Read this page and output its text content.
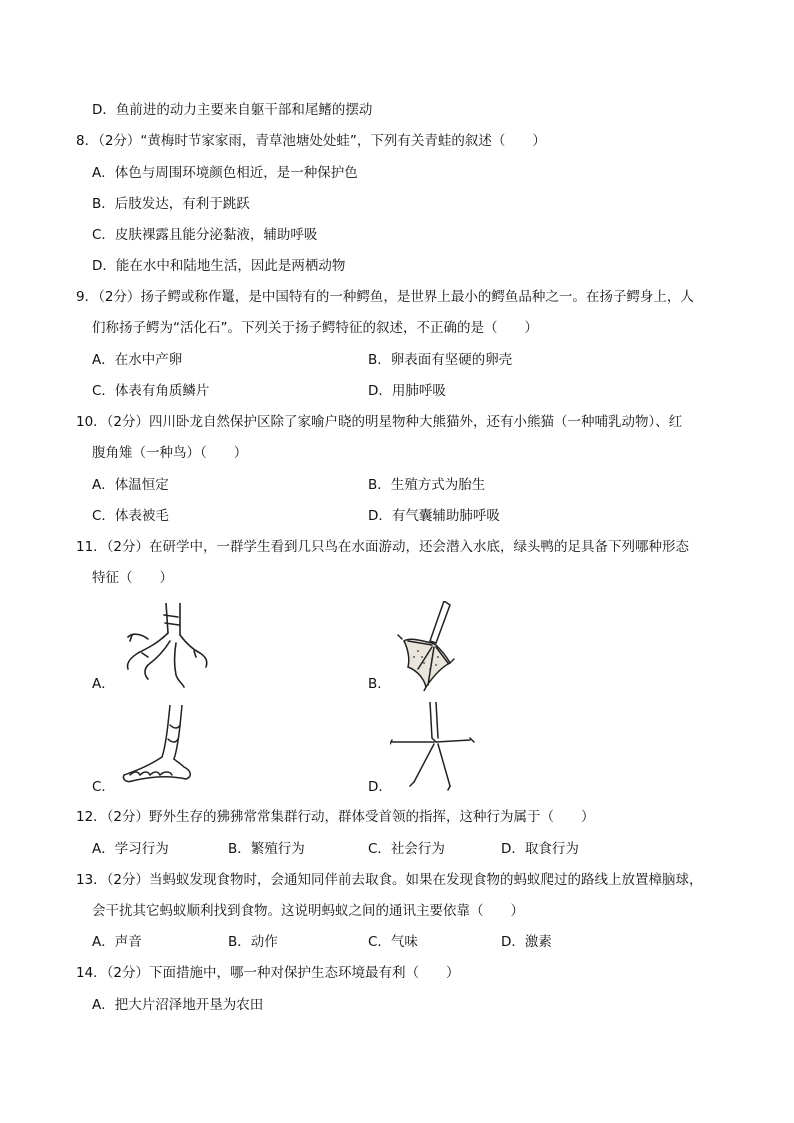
D．鱼前进的动力主要来自躯干部和尾鳍的摆动
8．（2分）“黄梅时节家家雨，青草池塘处处蛙”，下列有关青蛙的叙述（　　）
A．体色与周围环境颜色相近，是一种保护色
B．后肢发达，有利于跳跃
C．皮肤裸露且能分泌黏液，辅助呼吸
D．能在水中和陆地生活，因此是两栖动物
9．（2分）扬子鳄或称作鼍，是中国特有的一种鳄鱼，是世界上最小的鳄鱼品种之一。在扬子鳄身上，人
们称扬子鳄为“活化石”。下列关于扬子鳄特征的叙述，不正确的是（　　）
A．在水中产卵	B．卵表面有坚硬的卵壳
C．体表有角质鳞片	D．用肺呼吸
10．（2分）四川卧龙自然保护区除了家喻户晓的明星物种大熊猫外，还有小熊猫（一种哺乳动物）、红
腹角雉（一种鸟）（　　）
A．体温恒定	B．生殖方式为胎生
C．体表被毛	D．有气囊辅助肺呼吸
11．（2分）在研学中，一群学生看到几只鸟在水面游动，还会潜入水底，绿头鸭的足具备下列哪种形态
特征（　　）
A．	B．
C．	D．
12．（2分）野外生存的狒狒常常集群行动，群体受首领的指挥，这种行为属于（　　）
A．学习行为	B．繁殖行为	C．社会行为	D．取食行为
13．（2分）当蚂蚁发现食物时，会通知同伴前去取食。如果在发现食物的蚂蚁爬过的路线上放置樟脑球，
会干扰其它蚂蚁顺利找到食物。这说明蚂蚁之间的通讯主要依靠（　　）
A．声音	B．动作	C．气味	D．激素
14．（2分）下面措施中，哪一种对保护生态环境最有利（　　）
A．把大片沼泽地开垦为农田
